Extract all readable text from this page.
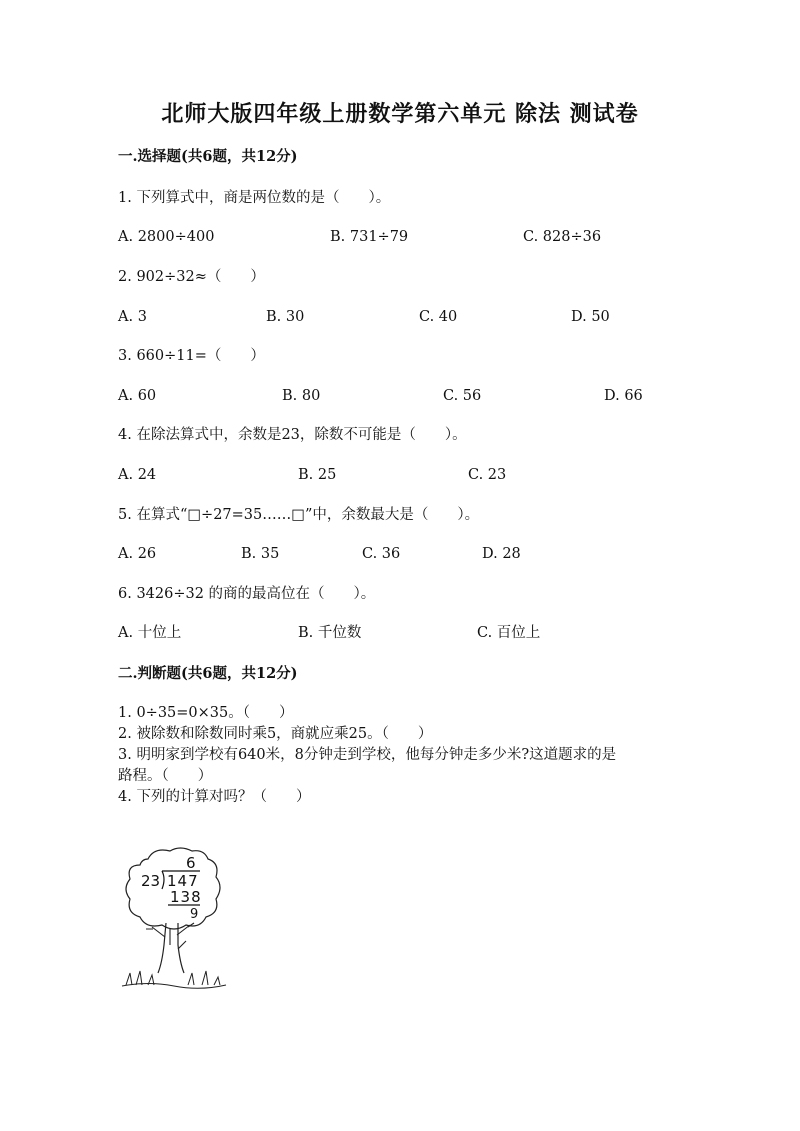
北师大版四年级上册数学第六单元 除法 测试卷
一.选择题(共6题，共12分)
1. 下列算式中，商是两位数的是（　　）。
A. 2800÷400	B. 731÷79	C. 828÷36
2. 902÷32≈（　　）
A. 3	B. 30	C. 40	D. 50
3. 660÷11=（　　）
A. 60	B. 80	C. 56	D. 66
4. 在除法算式中，余数是23，除数不可能是（　　）。
A. 24	B. 25	C. 23
5. 在算式“□÷27=35……□”中，余数最大是（　　）。
A. 26	B. 35	C. 36	D. 28
6. 3426÷32 的商的最高位在（　　）。
A. 十位上	B. 千位数	C. 百位上
二.判断题(共6题，共12分)
1. 0÷35=0×35。（　　）
2. 被除数和除数同时乘5，商就应乘25。（　　）
3. 明明家到学校有640米，8分钟走到学校，他每分钟走多少米?这道题求的是
路程。（　　）
4. 下列的计算对吗？（　　）
6
23 147
138
9
